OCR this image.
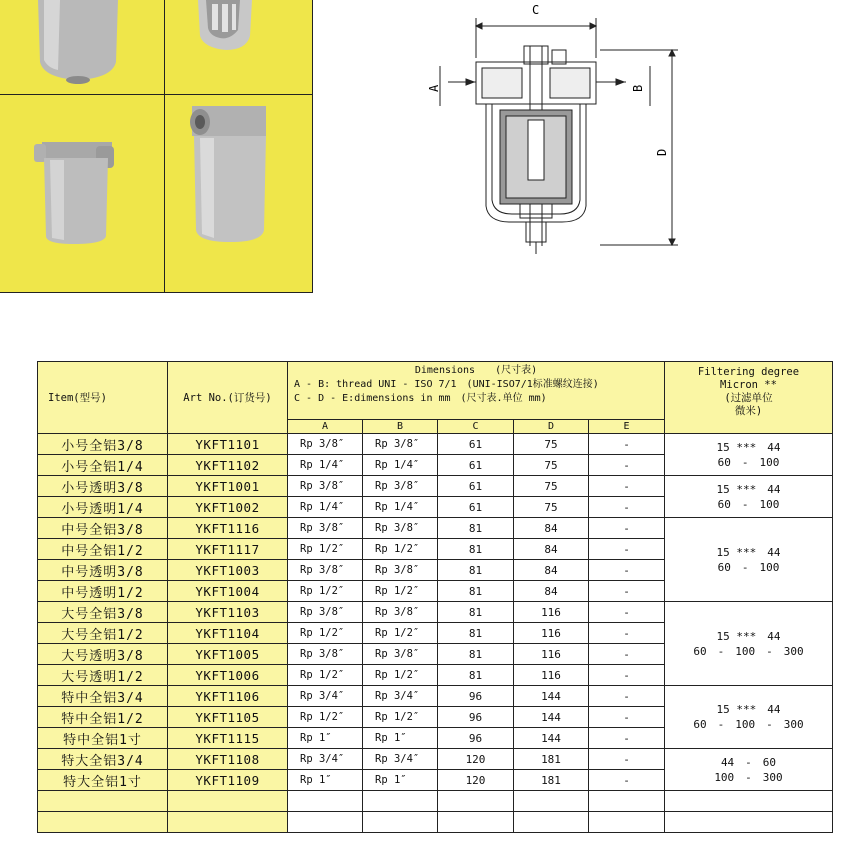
C
A	B
D
Item(型号)	Art No.(订货号)	Dimensions　　(尺寸表)
A - B: thread UNI - ISO 7/1　(UNI-ISO7/1标准螺纹连接)
C - D - E:dimensions in mm　(尺寸表.单位 mm)					Filtering degree
Micron **
(过滤单位
微米)

		A	B	C	D	E	
小号全铝3/8	YKFT1101	Rp 3/8″	Rp 3/8″	61	75	-	15 ***　44
60　-　100

小号全铝1/4	YKFT1102	Rp 1/4″	Rp 1/4″	61	75	-	
小号透明3/8	YKFT1001	Rp 3/8″	Rp 3/8″	61	75	-	15 ***　44
60　-　100

小号透明1/4	YKFT1002	Rp 1/4″	Rp 1/4″	61	75	-	
中号全铝3/8	YKFT1116	Rp 3/8″	Rp 3/8″	81	84	-	15 ***　44
60　-　100

中号全铝1/2	YKFT1117	Rp 1/2″	Rp 1/2″	81	84	-	
中号透明3/8	YKFT1003	Rp 3/8″	Rp 3/8″	81	84	-	
中号透明1/2	YKFT1004	Rp 1/2″	Rp 1/2″	81	84	-	
大号全铝3/8	YKFT1103	Rp 3/8″	Rp 3/8″	81	116	-	15 ***　44
60　-　100　-　300

大号全铝1/2	YKFT1104	Rp 1/2″	Rp 1/2″	81	116	-	
大号透明3/8	YKFT1005	Rp 3/8″	Rp 3/8″	81	116	-	
大号透明1/2	YKFT1006	Rp 1/2″	Rp 1/2″	81	116	-	
特中全铝3/4	YKFT1106	Rp 3/4″	Rp 3/4″	96	144	-	15 ***　44
60　-　100　-　300

特中全铝1/2	YKFT1105	Rp 1/2″	Rp 1/2″	96	144	-	
特中全铝1寸	YKFT1115	Rp 1″	Rp 1″	96	144	-	
特大全铝3/4	YKFT1108	Rp 3/4″	Rp 3/4″	120	181	-	44　-　60
100　-　300

特大全铝1寸	YKFT1109	Rp 1″	Rp 1″	120	181	-	
